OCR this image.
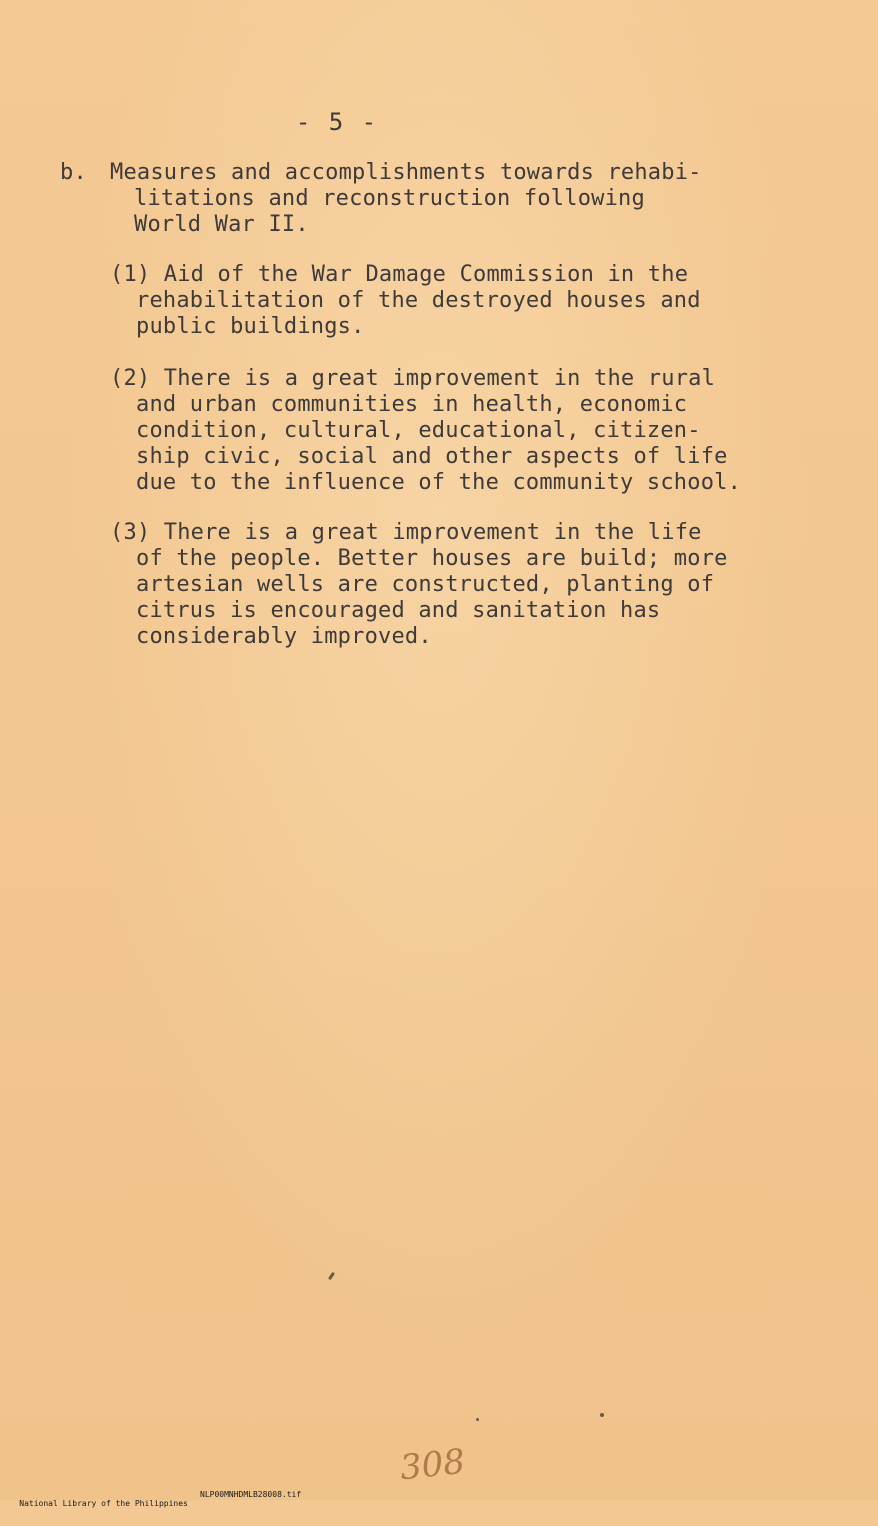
- 5 -
b. Measures and accomplishments towards rehabi-
litations and reconstruction following
World War II.
(1) Aid of the War Damage Commission in the
rehabilitation of the destroyed houses and
public buildings.
(2) There is a great improvement in the rural
and urban communities in health, economic
condition, cultural, educational, citizen-
ship civic, social and other aspects of life
due to the influence of the community school.
(3) There is a great improvement in the life
of the people. Better houses are build; more
artesian wells are constructed, planting of
citrus is encouraged and sanitation has
considerably improved.
308

National Library of the Philippines

NLP00MNHDMLB28008.tif
